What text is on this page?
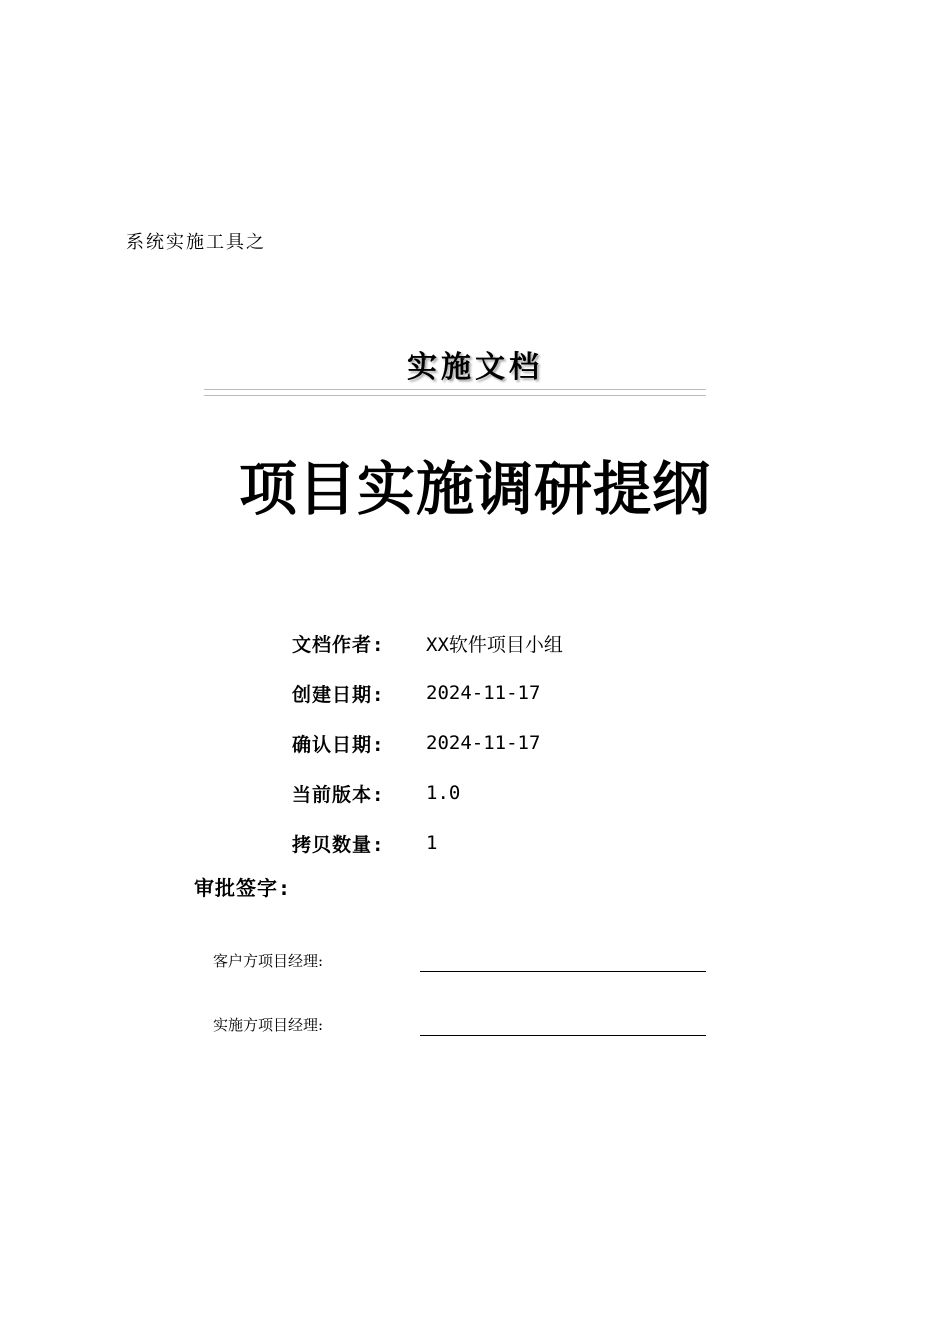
系统实施工具之
实施文档
项目实施调研提纲
文档作者:	XX软件项目小组
创建日期:	2024-11-17
确认日期:	2024-11-17
当前版本:	1.0
拷贝数量:	1
审批签字:
客户方项目经理:
实施方项目经理:
